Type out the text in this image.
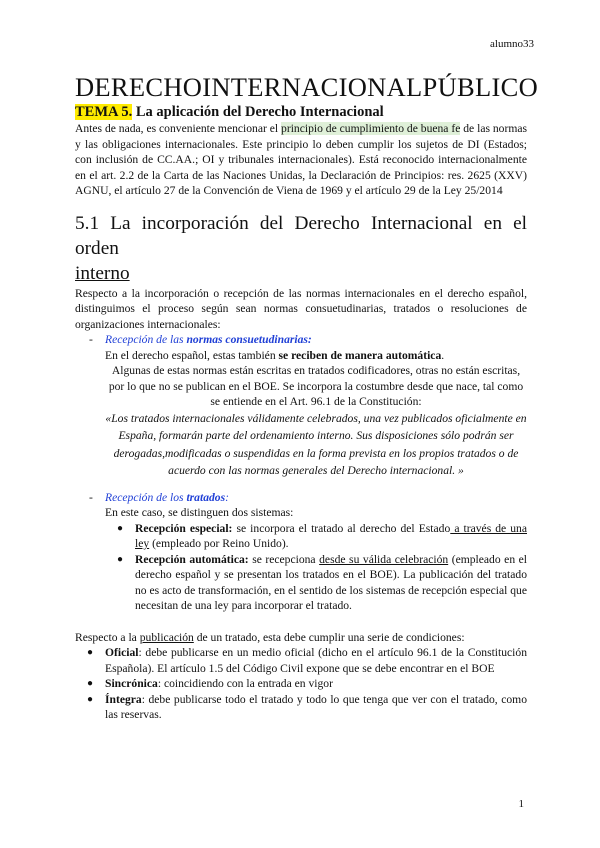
alumno33
DERECHO INTERNACIONAL PÚBLICO
TEMA 5. La aplicación del Derecho Internacional

Antes de nada, es conveniente mencionar el principio de cumplimiento de buena fe de las normas y las obligaciones internacionales. Este principio lo deben cumplir los sujetos de DI (Estados; con inclusión de CC.AA.; OI y tribunales internacionales). Está reconocido internacionalmente en el art. 2.2 de la Carta de las Naciones Unidas, la Declaración de Principios: res. 2625 (XXV) AGNU, el artículo 27 de la Convención de Viena de 1969 y el artículo 29 de la Ley 25/2014

5.1 La incorporación del Derecho Internacional en el orden
interno

Respecto a la incorporación o recepción de las normas internacionales en el derecho español, distinguimos el proceso según sean normas consuetudinarias, tratados o resoluciones de organizaciones internacionales:

- Recepción de las normas consuetudinarias:

En el derecho español, estas también se reciben de manera automática.

Algunas de estas normas están escritas en tratados codificadores, otras no están escritas, por lo que no se publican en el BOE. Se incorpora la costumbre desde que nace, tal como se entiende en el Art. 96.1 de la Constitución:

«Los tratados internacionales válidamente celebrados, una vez publicados oficialmente en España, formarán parte del ordenamiento interno. Sus disposiciones sólo podrán ser derogadas,modificadas o suspendidas en la forma prevista en los propios tratados o de acuerdo con las normas generales del Derecho internacional. »

- Recepción de los tratados:

En este caso, se distinguen dos sistemas:

● Recepción especial: se incorpora el tratado al derecho del Estado a través de una ley (empleado por Reino Unido).
● Recepción automática: se recepciona desde su válida celebración (empleado en el derecho español y se presentan los tratados en el BOE). La publicación del tratado no es acto de transformación, en el sentido de los sistemas de recepción especial que necesitan de una ley para incorporar el tratado.

Respecto a la publicación de un tratado, esta debe cumplir una serie de condiciones:

● Oficial: debe publicarse en un medio oficial (dicho en el artículo 96.1 de la Constitución Española). El artículo 1.5 del Código Civil expone que se debe encontrar en el BOE
● Sincrónica: coincidiendo con la entrada en vigor
● Íntegra: debe publicarse todo el tratado y todo lo que tenga que ver con el tratado, como las reservas.
1
